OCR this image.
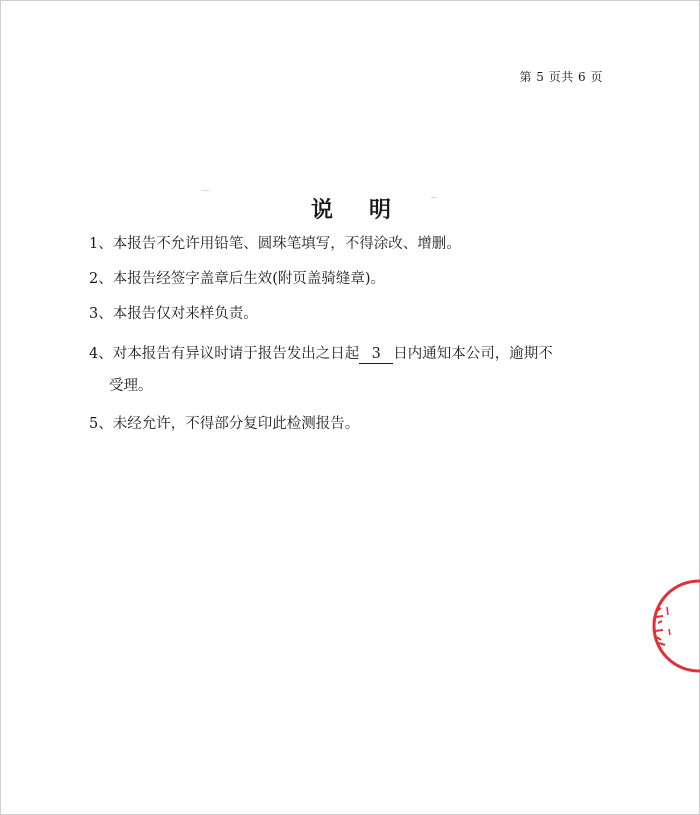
第 5 页共 6 页
说明
1、本报告不允许用铅笔、圆珠笔填写，不得涂改、增删。
2、本报告经签字盖章后生效(附页盖骑缝章)。
3、本报告仅对来样负责。
4、对本报告有异议时请于报告发出之日起 3 日内通知本公司，逾期不
受理。
5、未经允许，不得部分复印此检测报告。
